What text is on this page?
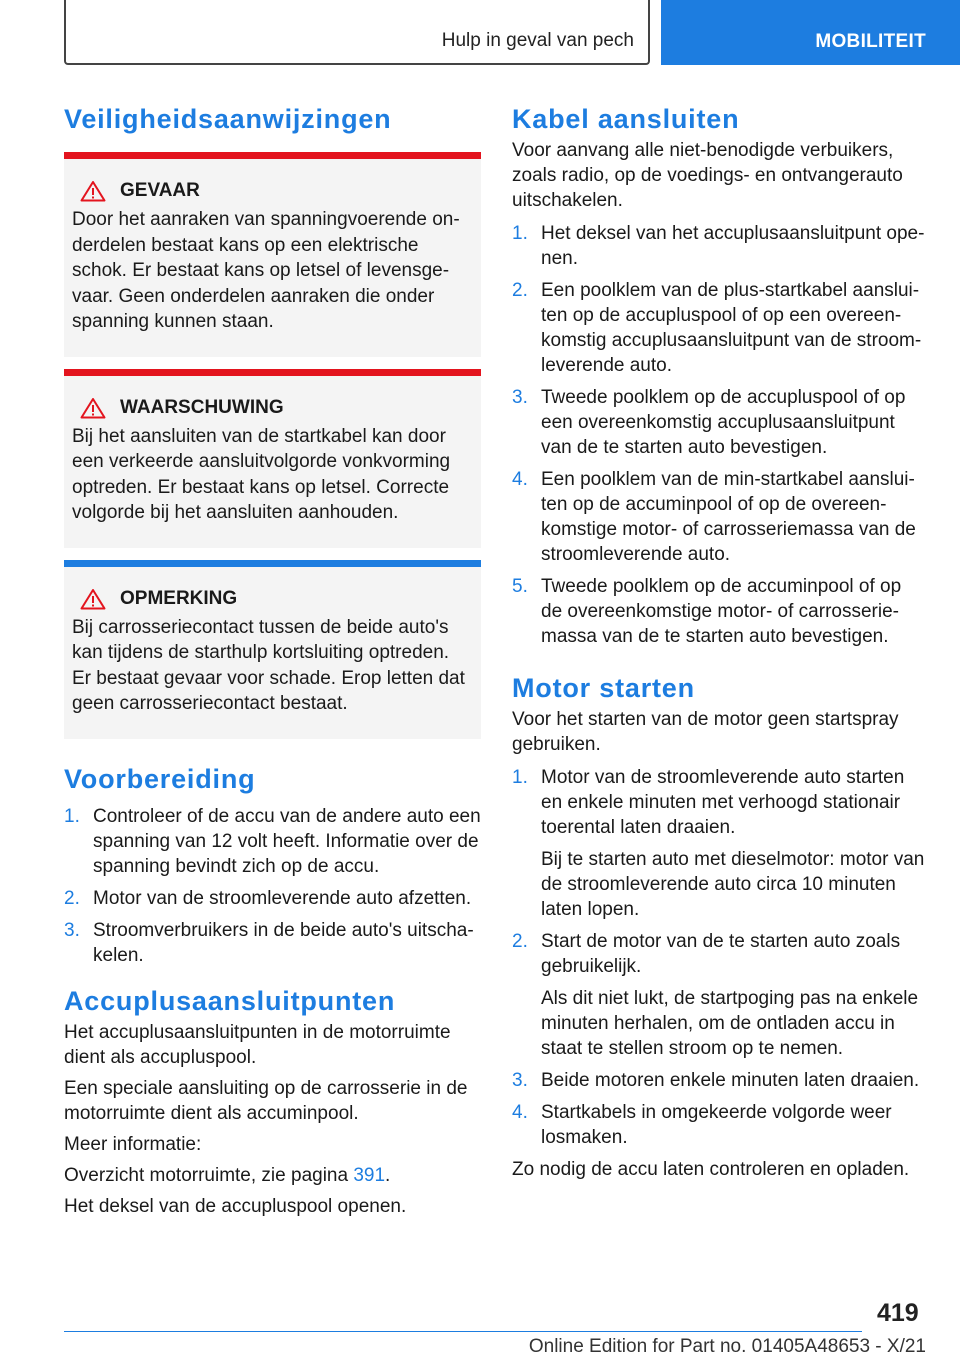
Hulp in geval van pech	MOBILITEIT
Veiligheidsaanwijzingen
GEVAAR
Door het aanraken van spanningvoerende onderdelen bestaat kans op een elektrische schok. Er bestaat kans op letsel of levensgevaar. Geen onderdelen aanraken die onder spanning kunnen staan.
WAARSCHUWING
Bij het aansluiten van de startkabel kan door een verkeerde aansluitvolgorde vonkvorming optreden. Er bestaat kans op letsel. Correcte volgorde bij het aansluiten aanhouden.
OPMERKING
Bij carrosseriecontact tussen de beide auto's kan tijdens de starthulp kortsluiting optreden. Er bestaat gevaar voor schade. Erop letten dat geen carrosseriecontact bestaat.
Voorbereiding
1. Controleer of de accu van de andere auto een spanning van 12 volt heeft. Informatie over de spanning bevindt zich op de accu.
2. Motor van de stroomleverende auto afzetten.
3. Stroomverbruikers in de beide auto's uitschakelen.
Accuplusaansluitpunten

Het accuplusaansluitpunten in de motorruimte dient als accupluspool.

Een speciale aansluiting op de carrosserie in de motorruimte dient als accuminpool.

Meer informatie:

Overzicht motorruimte, zie pagina 391.

Het deksel van de accupluspool openen.

Kabel aansluiten

Voor aanvang alle niet-benodigde verbuikers, zoals radio, op de voedings- en ontvangerauto uitschakelen.

1. Het deksel van het accuplusaansluitpunt openen.
2. Een poolklem van de plus-startkabel aansluiten op de accupluspool of op een overeenkomstig accuplusaansluitpunt van de stroomleverende auto.
3. Tweede poolklem op de accupluspool of op een overeenkomstig accuplusaansluitpunt van de te starten auto bevestigen.
4. Een poolklem van de min-startkabel aansluiten op de accuminpool of op de overeenkomstige motor- of carrosseriemassa van de stroomleverende auto.
5. Tweede poolklem op de accuminpool of op de overeenkomstige motor- of carrosseriemassa van de te starten auto bevestigen.
Motor starten

Voor het starten van de motor geen startspray gebruiken.

1. Motor van de stroomleverende auto starten en enkele minuten met verhoogd stationair toerental laten draaien.
Bij te starten auto met dieselmotor: motor van de stroomleverende auto circa 10 minuten laten lopen.
2. Start de motor van de te starten auto zoals gebruikelijk.
Als dit niet lukt, de startpoging pas na enkele minuten herhalen, om de ontladen accu in staat te stellen stroom op te nemen.
3. Beide motoren enkele minuten laten draaien.
4. Startkabels in omgekeerde volgorde weer losmaken.

Zo nodig de accu laten controleren en opladen.

419
Online Edition for Part no. 01405A48653 - X/21
